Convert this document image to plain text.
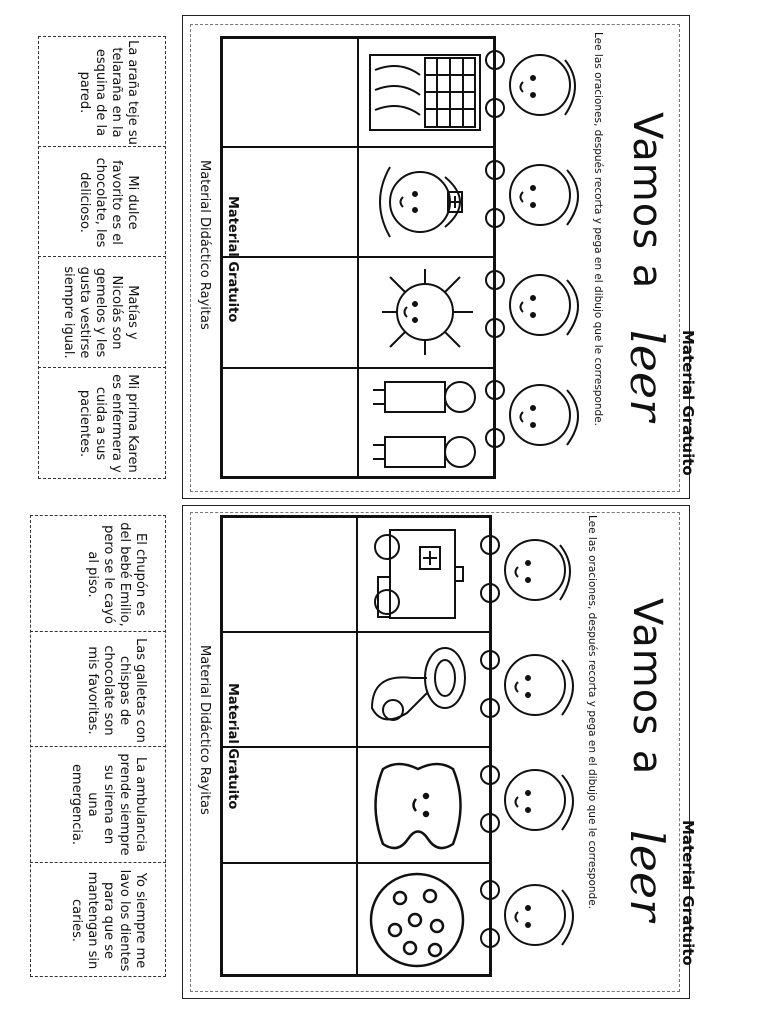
Vamos a
leer
Lee las oraciones, después recorta y pega en el dibujo que le corresponde.	Material Gratuito
Material Gratuito
Material Didáctico Rayitas
La araña teje su telaraña en la esquina de la pared.
Mi dulce favorito es el chocolate, les delicioso.
Matías y Nicolás son gemelos y les gusta vestirse siempre igual.
Mi prima Karen es enfermera y cuida a sus pacientes.
Vamos a
leer
Lee las oraciones, después recorta y pega en el dibujo que le corresponde.	Material Gratuito
Material Gratuito
Material Didáctico Rayitas
El chupón es del bebé Emilio, pero se le cayó al piso.
Las galletas con chispas de chocolate son mis favoritas.
La ambulancia prende siempre su sirena en una emergencia.
Yo siempre me lavo los dientes para que se mantengan sin caries.
